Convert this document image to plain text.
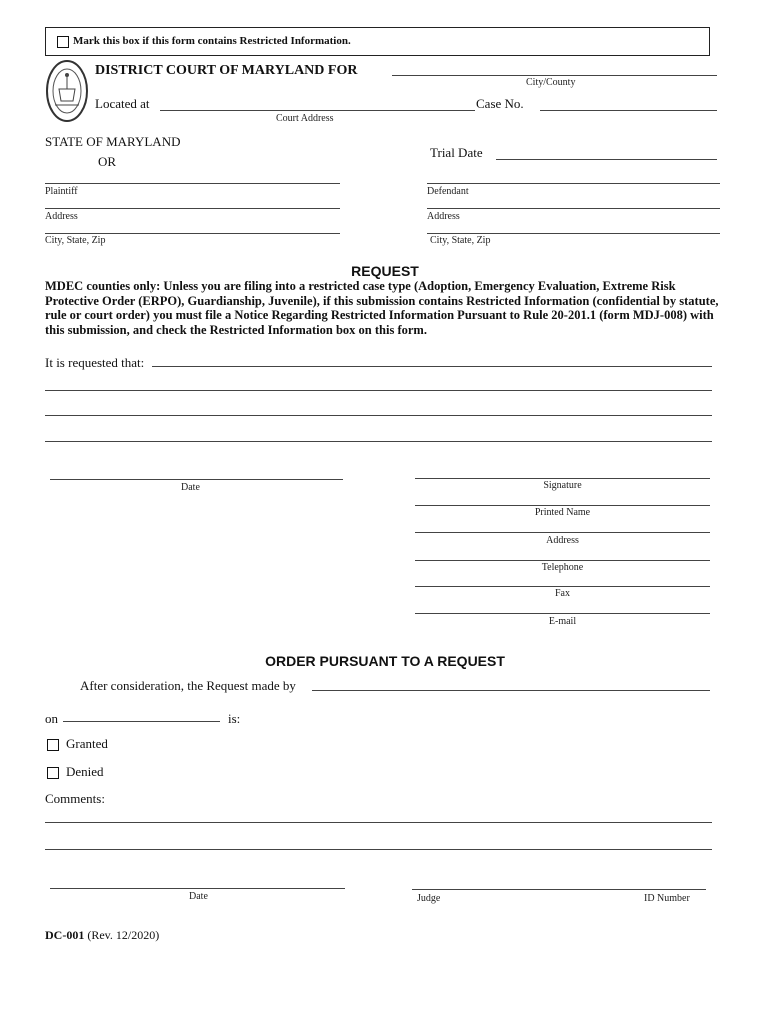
Mark this box if this form contains Restricted Information.
DISTRICT COURT OF MARYLAND FOR
City/County
Located at
Court Address
Case No.
STATE OF MARYLAND
OR
Trial Date
Plaintiff
Address
City, State, Zip
Defendant
Address
City, State, Zip
REQUEST
MDEC counties only: Unless you are filing into a restricted case type (Adoption, Emergency Evaluation, Extreme Risk Protective Order (ERPO), Guardianship, Juvenile), if this submission contains Restricted Information (confidential by statute, rule or court order) you must file a Notice Regarding Restricted Information Pursuant to Rule 20-201.1 (form MDJ-008) with this submission, and check the Restricted Information box on this form.
It is requested that:
Date	Signature
Printed Name
Address
Telephone
Fax
E-mail
ORDER PURSUANT TO A REQUEST
After consideration, the Request made by
on	is:
Granted
Denied
Comments:
Date	Judge	ID Number
DC-001 (Rev. 12/2020)
